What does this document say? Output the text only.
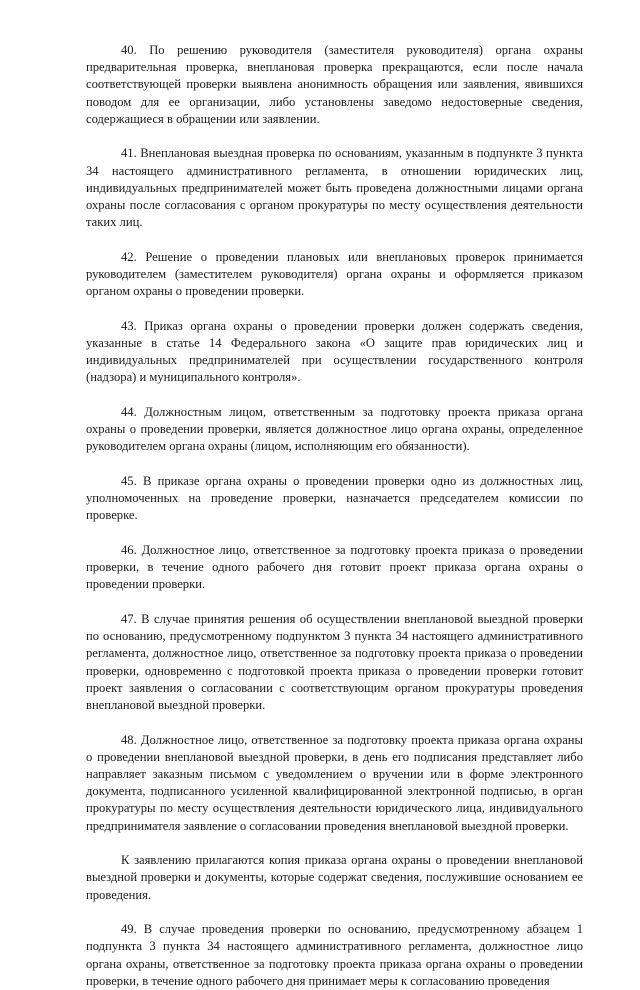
40. По решению руководителя (заместителя руководителя) органа охраны предварительная проверка, внеплановая проверка прекращаются, если после начала соответствующей проверки выявлена анонимность обращения или заявления, явившихся поводом для ее организации, либо установлены заведомо недостоверные сведения, содержащиеся в обращении или заявлении.

41. Внеплановая выездная проверка по основаниям, указанным в подпункте 3 пункта 34 настоящего административного регламента, в отношении юридических лиц, индивидуальных предпринимателей может быть проведена должностными лицами органа охраны после согласования с органом прокуратуры по месту осуществления деятельности таких лиц.

42. Решение о проведении плановых или внеплановых проверок принимается руководителем (заместителем руководителя) органа охраны и оформляется приказом органом охраны о проведении проверки.

43. Приказ органа охраны о проведении проверки должен содержать сведения, указанные в статье 14 Федерального закона «О защите прав юридических лиц и индивидуальных предпринимателей при осуществлении государственного контроля (надзора) и муниципального контроля».

44. Должностным лицом, ответственным за подготовку проекта приказа органа охраны о проведении проверки, является должностное лицо органа охраны, определенное руководителем органа охраны (лицом, исполняющим его обязанности).

45. В приказе органа охраны о проведении проверки одно из должностных лиц, уполномоченных на проведение проверки, назначается председателем комиссии по проверке.

46. Должностное лицо, ответственное за подготовку проекта приказа о проведении проверки, в течение одного рабочего дня готовит проект приказа органа охраны о проведении проверки.

47. В случае принятия решения об осуществлении внеплановой выездной проверки по основанию, предусмотренному подпунктом 3 пункта 34 настоящего административного регламента, должностное лицо, ответственное за подготовку проекта приказа о проведении проверки, одновременно с подготовкой проекта приказа о проведении проверки готовит проект заявления о согласовании с соответствующим органом прокуратуры проведения внеплановой выездной проверки.

48. Должностное лицо, ответственное за подготовку проекта приказа органа охраны о проведении внеплановой выездной проверки, в день его подписания представляет либо направляет заказным письмом с уведомлением о вручении или в форме электронного документа, подписанного усиленной квалифицированной электронной подписью, в орган прокуратуры по месту осуществления деятельности юридического лица, индивидуального предпринимателя заявление о согласовании проведения внеплановой выездной проверки.

К заявлению прилагаются копия приказа органа охраны о проведении внеплановой выездной проверки и документы, которые содержат сведения, послужившие основанием ее проведения.

49. В случае проведения проверки по основанию, предусмотренному абзацем 1 подпункта 3 пункта 34 настоящего административного регламента, должностное лицо органа охраны, ответственное за подготовку проекта приказа органа охраны о проведении проверки, в течение одного рабочего дня принимает меры к согласованию проведения
